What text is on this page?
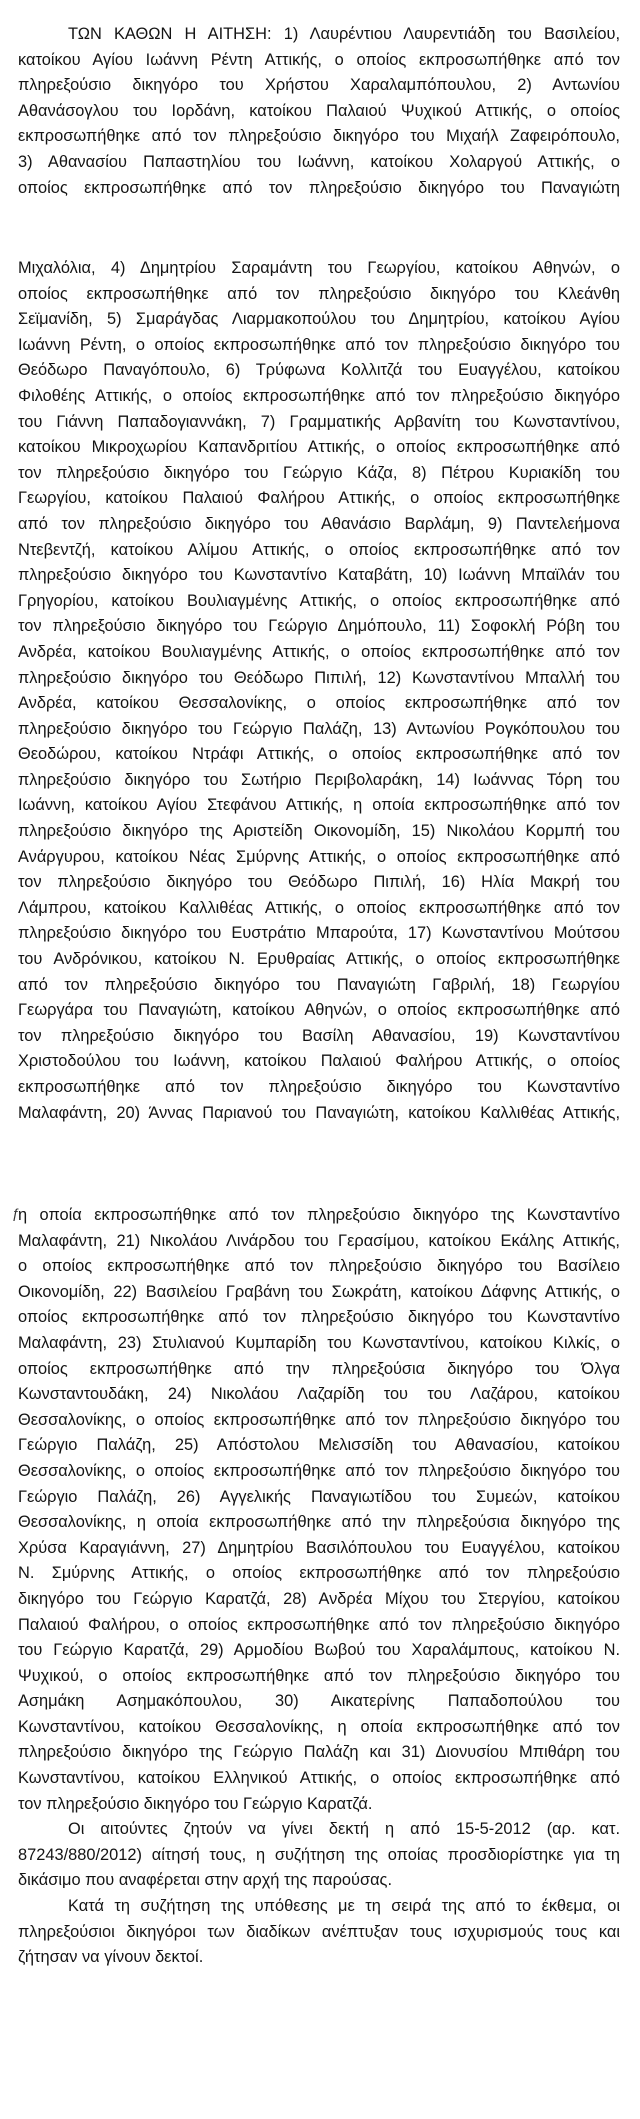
ΤΩΝ ΚΑΘΩΝ Η ΑΙΤΗΣΗ: 1) Λαυρέντιου Λαυρεντιάδη του Βασιλείου,
κατοίκου Αγίου Ιωάννη Ρέντη Αττικής, ο οποίος εκπροσωπήθηκε από τον
πληρεξούσιο δικηγόρο του Χρήστου Χαραλαμπόπουλου, 2) Αντωνίου
Αθανάσογλου του Ιορδάνη, κατοίκου Παλαιού Ψυχικού Αττικής, ο οποίος
εκπροσωπήθηκε από τον πληρεξούσιο δικηγόρο του Μιχαήλ Ζαφειρόπουλο,
3) Αθανασίου Παπαστηλίου του Ιωάννη, κατοίκου Χολαργού Αττικής, ο
οποίος εκπροσωπήθηκε από τον πληρεξούσιο δικηγόρο του Παναγιώτη
Μιχαλόλια, 4) Δημητρίου Σαραμάντη του Γεωργίου, κατοίκου Αθηνών, ο
οποίος εκπροσωπήθηκε από τον πληρεξούσιο δικηγόρο του Κλεάνθη
Σεϊμανίδη, 5) Σμαράγδας Λιαρμακοπούλου του Δημητρίου, κατοίκου Αγίου
Ιωάννη Ρέντη, ο οποίος εκπροσωπήθηκε από τον πληρεξούσιο δικηγόρο του
Θεόδωρο Παναγόπουλο, 6) Τρύφωνα Κολλιτζά του Ευαγγέλου, κατοίκου
Φιλοθέης Αττικής, ο οποίος εκπροσωπήθηκε από τον πληρεξούσιο δικηγόρο
του Γιάννη Παπαδογιαννάκη, 7) Γραμματικής Αρβανίτη του Κωνσταντίνου,
κατοίκου Μικροχωρίου Καπανδριτίου Αττικής, ο οποίος εκπροσωπήθηκε από
τον πληρεξούσιο δικηγόρο του Γεώργιο Κάζα, 8) Πέτρου Κυριακίδη του
Γεωργίου, κατοίκου Παλαιού Φαλήρου Αττικής, ο οποίος εκπροσωπήθηκε
από τον πληρεξούσιο δικηγόρο του Αθανάσιο Βαρλάμη, 9) Παντελεήμονα
Ντεβεντζή, κατοίκου Αλίμου Αττικής, ο οποίος εκπροσωπήθηκε από τον
πληρεξούσιο δικηγόρο του Κωνσταντίνο Καταβάτη, 10) Ιωάννη Μπαϊλάν του
Γρηγορίου, κατοίκου Βουλιαγμένης Αττικής, ο οποίος εκπροσωπήθηκε από
τον πληρεξούσιο δικηγόρο του Γεώργιο Δημόπουλο, 11) Σοφοκλή Ρόβη του
Ανδρέα, κατοίκου Βουλιαγμένης Αττικής, ο οποίος εκπροσωπήθηκε από τον
πληρεξούσιο δικηγόρο του Θεόδωρο Πιπιλή, 12) Κωνσταντίνου Μπαλλή του
Ανδρέα, κατοίκου Θεσσαλονίκης, ο οποίος εκπροσωπήθηκε από τον
πληρεξούσιο δικηγόρο του Γεώργιο Παλάζη, 13) Αντωνίου Ρογκόπουλου του
Θεοδώρου, κατοίκου Ντράφι Αττικής, ο οποίος εκπροσωπήθηκε από τον
πληρεξούσιο δικηγόρο του Σωτήριο Περιβολαράκη, 14) Ιωάννας Τόρη του
Ιωάννη, κατοίκου Αγίου Στεφάνου Αττικής, η οποία εκπροσωπήθηκε από τον
πληρεξούσιο δικηγόρο της Αριστείδη Οικονομίδη, 15) Νικολάου Κορμπή του
Ανάργυρου, κατοίκου Νέας Σμύρνης Αττικής, ο οποίος εκπροσωπήθηκε από
τον πληρεξούσιο δικηγόρο του Θεόδωρο Πιπιλή, 16) Ηλία Μακρή του
Λάμπρου, κατοίκου Καλλιθέας Αττικής, ο οποίος εκπροσωπήθηκε από τον
πληρεξούσιο δικηγόρο του Ευστράτιο Μπαρούτα, 17) Κωνσταντίνου Μούτσου
του Ανδρόνικου, κατοίκου Ν. Ερυθραίας Αττικής, ο οποίος εκπροσωπήθηκε
από τον πληρεξούσιο δικηγόρο του Παναγιώτη Γαβριλή, 18) Γεωργίου
Γεωργάρα του Παναγιώτη, κατοίκου Αθηνών, ο οποίος εκπροσωπήθηκε από
τον πληρεξούσιο δικηγόρο του Βασίλη Αθανασίου, 19) Κωνσταντίνου
Χριστοδούλου του Ιωάννη, κατοίκου Παλαιού Φαλήρου Αττικής, ο οποίος
εκπροσωπήθηκε από τον πληρεξούσιο δικηγόρο του Κωνσταντίνο
Μαλαφάντη, 20) Άννας Παριανού του Παναγιώτη, κατοίκου Καλλιθέας Αττικής,
ƒ
η οποία εκπροσωπήθηκε από τον πληρεξούσιο δικηγόρο της Κωνσταντίνο
Μαλαφάντη, 21) Νικολάου Λινάρδου του Γερασίμου, κατοίκου Εκάλης Αττικής,
ο οποίος εκπροσωπήθηκε από τον πληρεξούσιο δικηγόρο του Βασίλειο
Οικονομίδη, 22) Βασιλείου Γραβάνη του Σωκράτη, κατοίκου Δάφνης Αττικής, ο
οποίος εκπροσωπήθηκε από τον πληρεξούσιο δικηγόρο του Κωνσταντίνο
Μαλαφάντη, 23) Στυλιανού Κυμπαρίδη του Κωνσταντίνου, κατοίκου Κιλκίς, ο
οποίος εκπροσωπήθηκε από την πληρεξούσια δικηγόρο του Όλγα
Κωνσταντουδάκη, 24) Νικολάου Λαζαρίδη του του Λαζάρου, κατοίκου
Θεσσαλονίκης, ο οποίος εκπροσωπήθηκε από τον πληρεξούσιο δικηγόρο του
Γεώργιο Παλάζη, 25) Απόστολου Μελισσίδη του Αθανασίου, κατοίκου
Θεσσαλονίκης, ο οποίος εκπροσωπήθηκε από τον πληρεξούσιο δικηγόρο του
Γεώργιο Παλάζη, 26) Αγγελικής Παναγιωτίδου του Συμεών, κατοίκου
Θεσσαλονίκης, η οποία εκπροσωπήθηκε από την πληρεξούσια δικηγόρο της
Χρύσα Καραγιάννη, 27) Δημητρίου Βασιλόπουλου του Ευαγγέλου, κατοίκου
Ν. Σμύρνης Αττικής, ο οποίος εκπροσωπήθηκε από τον πληρεξούσιο
δικηγόρο του Γεώργιο Καρατζά, 28) Ανδρέα Μίχου του Στεργίου, κατοίκου
Παλαιού Φαλήρου, ο οποίος εκπροσωπήθηκε από τον πληρεξούσιο δικηγόρο
του Γεώργιο Καρατζά, 29) Αρμοδίου Βωβού του Χαραλάμπους, κατοίκου Ν.
Ψυχικού, ο οποίος εκπροσωπήθηκε από τον πληρεξούσιο δικηγόρο του
Ασημάκη Ασημακόπουλου, 30) Αικατερίνης Παπαδοπούλου του
Κωνσταντίνου, κατοίκου Θεσσαλονίκης, η οποία εκπροσωπήθηκε από τον
πληρεξούσιο δικηγόρο της Γεώργιο Παλάζη και 31) Διονυσίου Μπιθάρη του
Κωνσταντίνου, κατοίκου Ελληνικού Αττικής, ο οποίος εκπροσωπήθηκε από
τον πληρεξούσιο δικηγόρο του Γεώργιο Καρατζά.
Οι αιτούντες ζητούν να γίνει δεκτή η από 15-5-2012 (αρ. κατ.
87243/880/2012) αίτησή τους, η συζήτηση της οποίας προσδιορίστηκε για τη
δικάσιμο που αναφέρεται στην αρχή της παρούσας.
Κατά τη συζήτηση της υπόθεσης με τη σειρά της από το έκθεμα, οι
πληρεξούσιοι δικηγόροι των διαδίκων ανέπτυξαν τους ισχυρισμούς τους και
ζήτησαν να γίνουν δεκτοί.
